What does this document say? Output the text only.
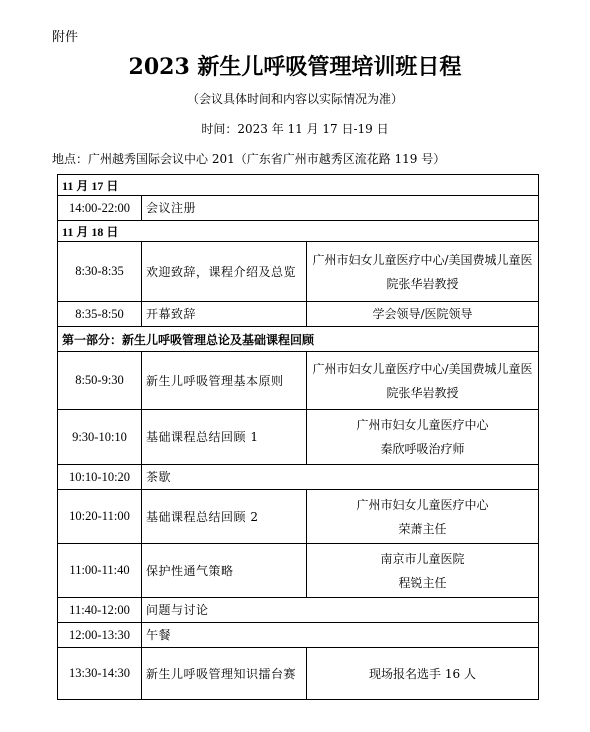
附件
2023 新生儿呼吸管理培训班日程
（会议具体时间和内容以实际情况为准）
时间：2023 年 11 月 17 日-19 日
地点：广州越秀国际会议中心 201（广东省广州市越秀区流花路 119 号）
11 月 17 日		
14:00-22:00	会议注册	
11 月 18 日		
8:30-8:35	欢迎致辞，课程介绍及总览	广州市妇女儿童医疗中心/美国费城儿童医院张华岩教授
8:35-8:50	开幕致辞	学会领导/医院领导
第一部分：新生儿呼吸管理总论及基础课程回顾		
8:50-9:30	新生儿呼吸管理基本原则	广州市妇女儿童医疗中心/美国费城儿童医院张华岩教授
9:30-10:10	基础课程总结回顾 1	广州市妇女儿童医疗中心
秦欣呼吸治疗师
10:10-10:20	茶歇	
10:20-11:00	基础课程总结回顾 2	广州市妇女儿童医疗中心
荣萧主任
11:00-11:40	保护性通气策略	南京市儿童医院
程锐主任
11:40-12:00	问题与讨论	
12:00-13:30	午餐	
13:30-14:30	新生儿呼吸管理知识擂台赛	现场报名选手 16 人
